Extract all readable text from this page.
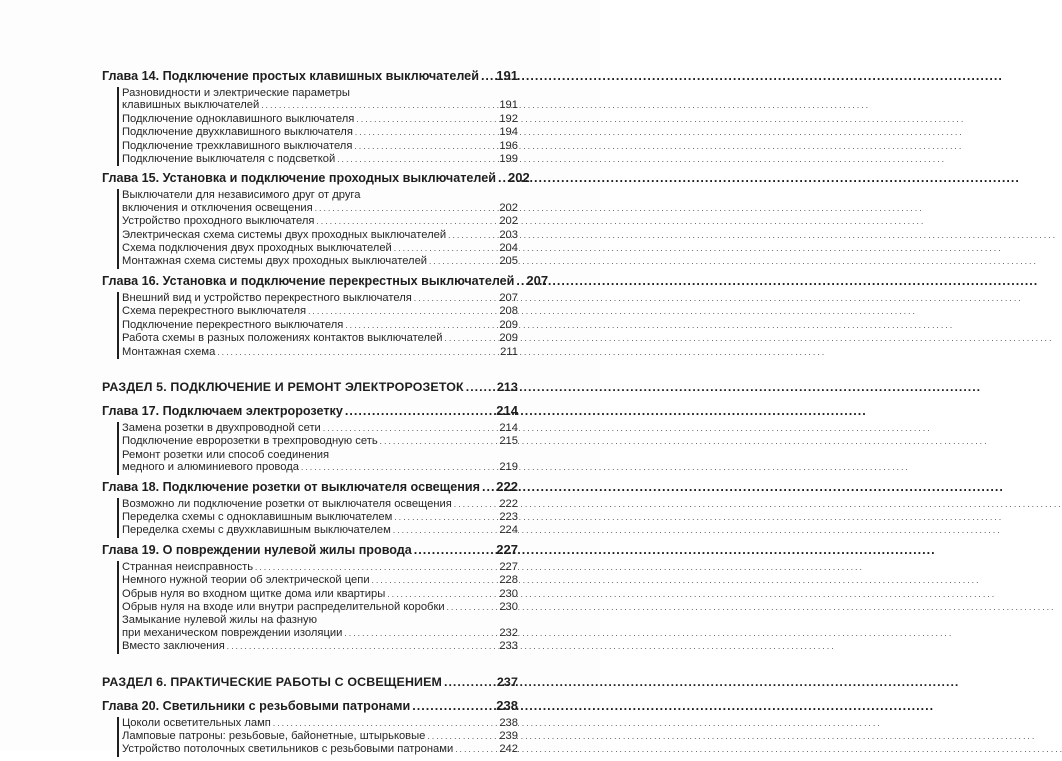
Глава 14. Подключение простых клавишных выключателей ..... 191
Разновидности и электрические параметры
клавишных выключателей . . .	191
Подключение одноклавишного выключателя . . .	192
Подключение двухклавишного выключателя . . .	194
Подключение трехклавишного выключателя . . .	196
Подключение выключателя с подсветкой . . .	199
Глава 15. Установка и подключение проходных выключателей ..... 202
Выключатели для независимого друг от друга
включения и отключения освещения . . .	202
Устройство проходного выключателя . . .	202
Электрическая схема системы двух проходных выключателей . . .	203
Схема подключения двух проходных выключателей . . .	204
Монтажная схема системы двух проходных выключателей . . .	205
Глава 16. Установка и подключение перекрестных выключателей ..... 207
Внешний вид и устройство перекрестного выключателя . . .	207
Схема перекрестного выключателя . . .	208
Подключение перекрестного выключателя . . .	209
Работа схемы в разных положениях контактов выключателей . . .	209
Монтажная схема . . .	211
РАЗДЕЛ 5. ПОДКЛЮЧЕНИЕ И РЕМОНТ ЭЛЕКТРОРОЗЕТОК .....	213
Глава 17. Подключаем электророзетку .....	214
Замена розетки в двухпроводной сети . . .	214
Подключение евророзетки в трехпроводную сеть . . .	215
Ремонт розетки или способ соединения
медного и алюминиевого провода . . .	219
Глава 18. Подключение розетки от выключателя освещения ..... 222
Возможно ли подключение розетки от выключателя освещения . . .	222
Переделка схемы с одноклавишным выключателем . . .	223
Переделка схемы с двухклавишным выключателем . . .	224
Глава 19. О повреждении нулевой жилы провода .....	227
Странная неисправность . . .	227
Немного нужной теории об электрической цепи . . .	228
Обрыв нуля во входном щитке дома или квартиры . . .	230
Обрыв нуля на входе или внутри распределительной коробки . . .	230
Замыкание нулевой жилы на фазную
при механическом повреждении изоляции . . .	232
Вместо заключения . . .	233
РАЗДЕЛ 6. ПРАКТИЧЕСКИЕ РАБОТЫ С ОСВЕЩЕНИЕМ .....	237
Глава 20. Светильники с резьбовыми патронами .....	238
Цоколи осветительных ламп . . .	238
Ламповые патроны: резьбовые, байонетные, штырьковые . . .	239
Устройство потолочных светильников с резьбовыми патронами . . .	242
